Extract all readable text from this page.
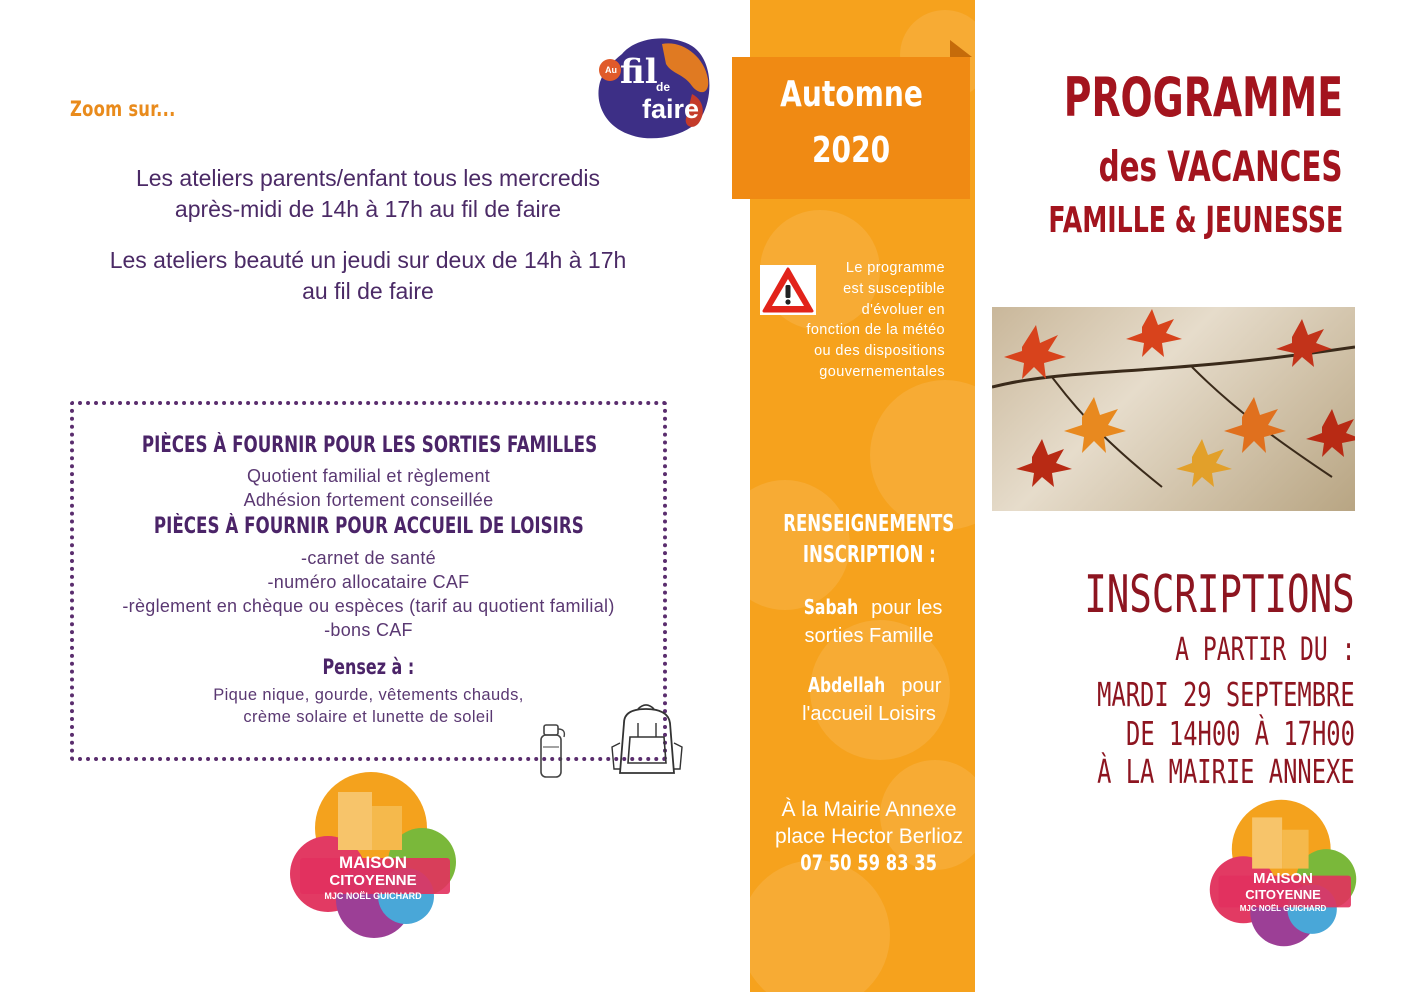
Au fil
de
faire
Zoom sur...
Les ateliers parents/enfant tous les mercredis
après-midi de 14h à 17h au fil de faire
Les ateliers beauté un jeudi sur deux de 14h à 17h
au fil de faire
PIÈCES À FOURNIR POUR LES SORTIES FAMILLES
Quotient familial et règlement
Adhésion fortement conseillée
PIÈCES À FOURNIR POUR ACCUEIL DE LOISIRS
-carnet de santé
-numéro allocataire CAF
-règlement en chèque ou espèces (tarif au quotient familial)
-bons CAF
Pensez à :
Pique nique, gourde, vêtements chauds,
crème solaire et lunette de soleil
MAISON
CITOYENNE
MJC NOËL GUICHARD
Automne
2020
Le programme
est susceptible
d'évoluer en
fonction de la météo
ou des dispositions
gouvernementales
RENSEIGNEMENTS
INSCRIPTION :
Sabah pour les
sorties Famille
Abdellah pour
l'accueil Loisirs
À la Mairie Annexe
place Hector Berlioz
07 50 59 83 35
PROGRAMME
des VACANCES
FAMILLE & JEUNESSE
INSCRIPTIONS
A PARTIR DU :
MARDI 29 SEPTEMBRE
DE 14H00 À 17H00
À LA MAIRIE ANNEXE
MAISON
CITOYENNE
MJC NOËL GUICHARD
